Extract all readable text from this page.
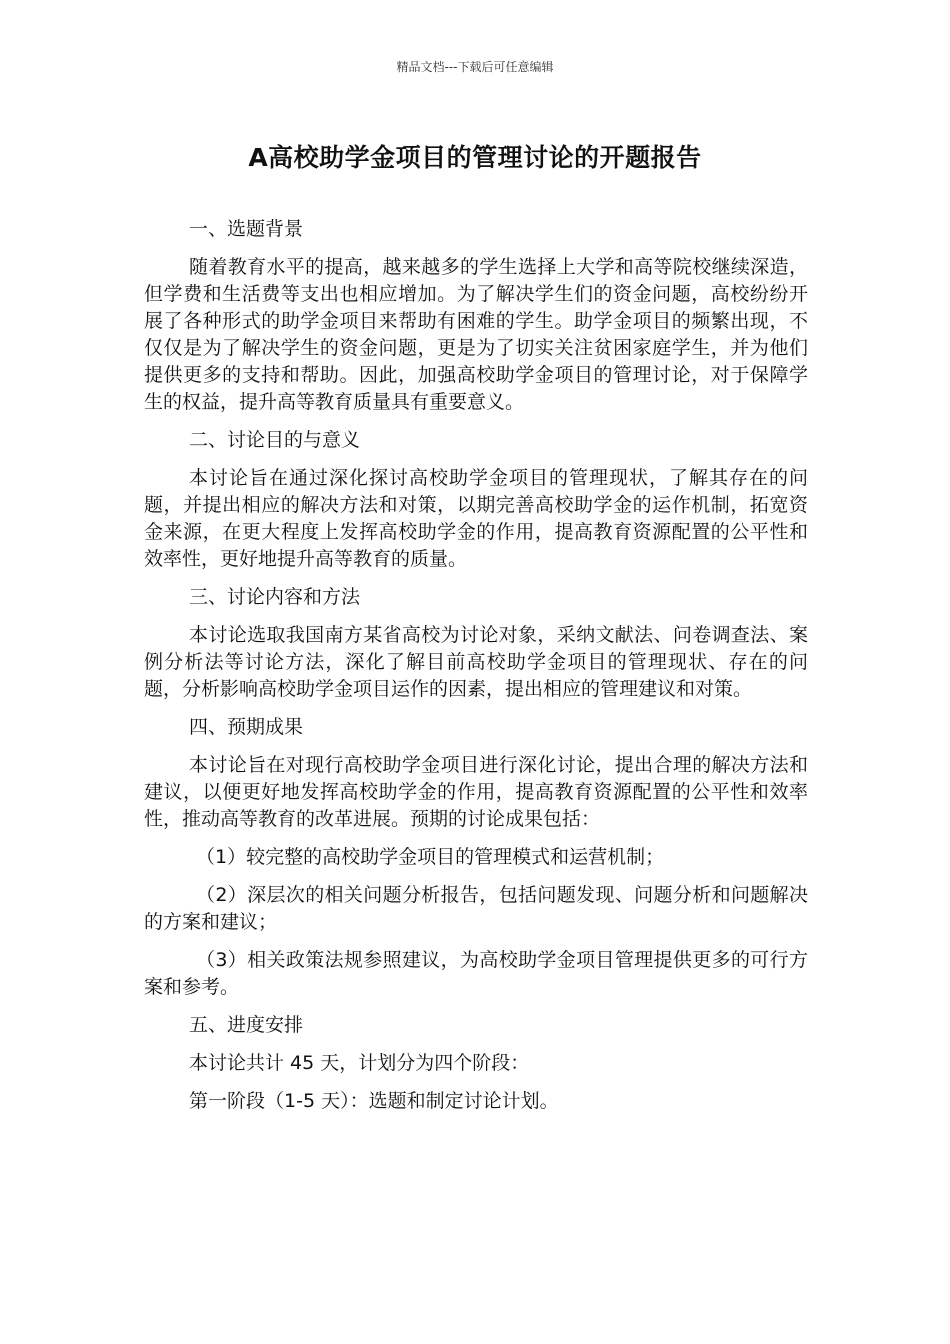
精品文档---下载后可任意编辑
A高校助学金项目的管理讨论的开题报告

一、选题背景

随着教育水平的提高，越来越多的学生选择上大学和高等院校继续深造，但学费和生活费等支出也相应增加。为了解决学生们的资金问题，高校纷纷开展了各种形式的助学金项目来帮助有困难的学生。助学金项目的频繁出现，不仅仅是为了解决学生的资金问题，更是为了切实关注贫困家庭学生，并为他们提供更多的支持和帮助。因此，加强高校助学金项目的管理讨论，对于保障学生的权益，提升高等教育质量具有重要意义。

二、讨论目的与意义

本讨论旨在通过深化探讨高校助学金项目的管理现状，了解其存在的问题，并提出相应的解决方法和对策，以期完善高校助学金的运作机制，拓宽资金来源，在更大程度上发挥高校助学金的作用，提高教育资源配置的公平性和效率性，更好地提升高等教育的质量。

三、讨论内容和方法

本讨论选取我国南方某省高校为讨论对象，采纳文献法、问卷调查法、案例分析法等讨论方法，深化了解目前高校助学金项目的管理现状、存在的问题，分析影响高校助学金项目运作的因素，提出相应的管理建议和对策。

四、预期成果

本讨论旨在对现行高校助学金项目进行深化讨论，提出合理的解决方法和建议，以便更好地发挥高校助学金的作用，提高教育资源配置的公平性和效率性，推动高等教育的改革进展。预期的讨论成果包括：

（1）较完整的高校助学金项目的管理模式和运营机制；

（2）深层次的相关问题分析报告，包括问题发现、问题分析和问题解决的方案和建议；

（3）相关政策法规参照建议，为高校助学金项目管理提供更多的可行方案和参考。

五、进度安排

本讨论共计 45 天，计划分为四个阶段：

第一阶段（1-5 天）：选题和制定讨论计划。
